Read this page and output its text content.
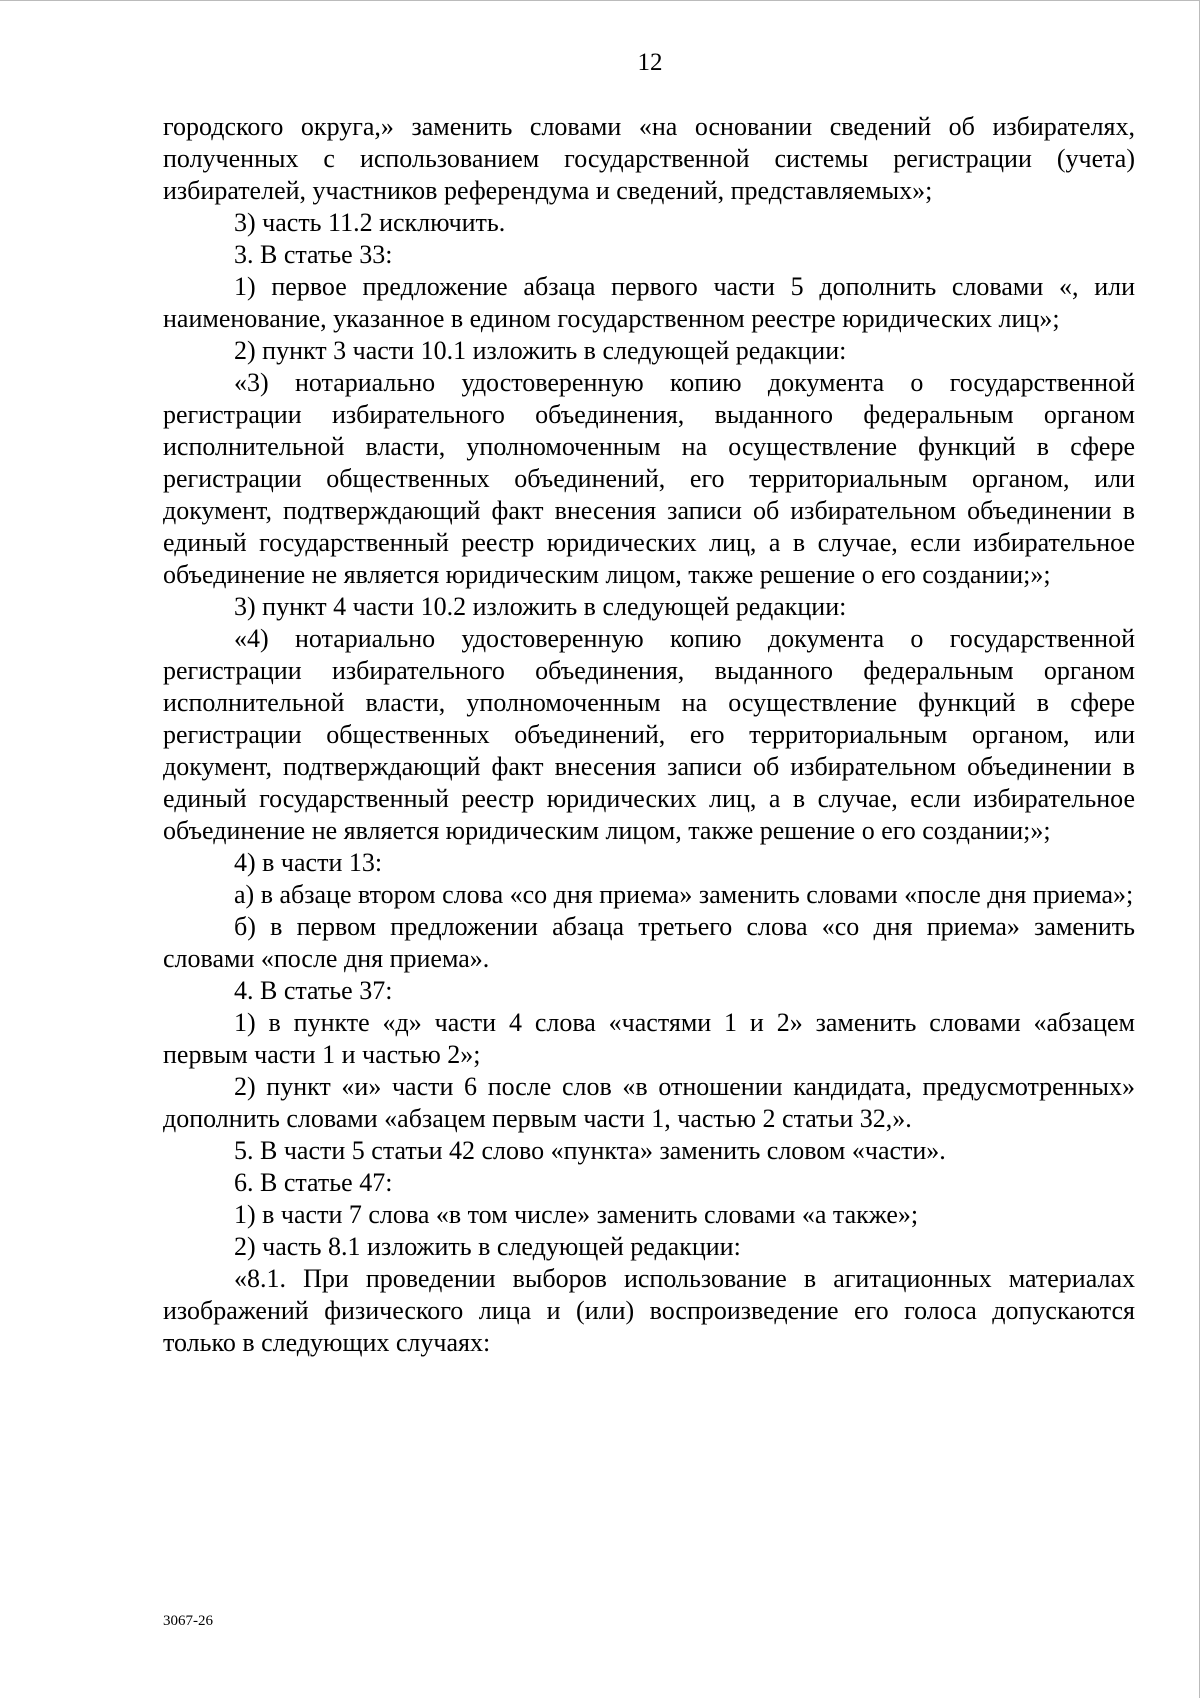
12

городского округа,» заменить словами «на основании сведений об избирателях, полученных с использованием государственной системы регистрации (учета) избирателей, участников референдума и сведений, представляемых»;

3) часть 11.2 исключить.

3. В статье 33:

1) первое предложение абзаца первого части 5 дополнить словами «, или наименование, указанное в едином государственном реестре юридических лиц»;

2) пункт 3 части 10.1 изложить в следующей редакции:

«3) нотариально удостоверенную копию документа о государственной регистрации избирательного объединения, выданного федеральным органом исполнительной власти, уполномоченным на осуществление функций в сфере регистрации общественных объединений, его территориальным органом, или документ, подтверждающий факт внесения записи об избирательном объединении в единый государственный реестр юридических лиц, а в случае, если избирательное объединение не является юридическим лицом, также решение о его создании;»;

3) пункт 4 части 10.2 изложить в следующей редакции:

«4) нотариально удостоверенную копию документа о государственной регистрации избирательного объединения, выданного федеральным органом исполнительной власти, уполномоченным на осуществление функций в сфере регистрации общественных объединений, его территориальным органом, или документ, подтверждающий факт внесения записи об избирательном объединении в единый государственный реестр юридических лиц, а в случае, если избирательное объединение не является юридическим лицом, также решение о его создании;»;

4) в части 13:

а) в абзаце втором слова «со дня приема» заменить словами «после дня приема»;

б) в первом предложении абзаца третьего слова «со дня приема» заменить словами «после дня приема».

4. В статье 37:

1) в пункте «д» части 4 слова «частями 1 и 2» заменить словами «абзацем первым части 1 и частью 2»;

2) пункт «и» части 6 после слов «в отношении кандидата, предусмотренных» дополнить словами «абзацем первым части 1, частью 2 статьи 32,».

5. В части 5 статьи 42 слово «пункта» заменить словом «части».

6. В статье 47:

1) в части 7 слова «в том числе» заменить словами «а также»;

2) часть 8.1 изложить в следующей редакции:

«8.1. При проведении выборов использование в агитационных материалах изображений физического лица и (или) воспроизведение его голоса допускаются только в следующих случаях:

3067-26
